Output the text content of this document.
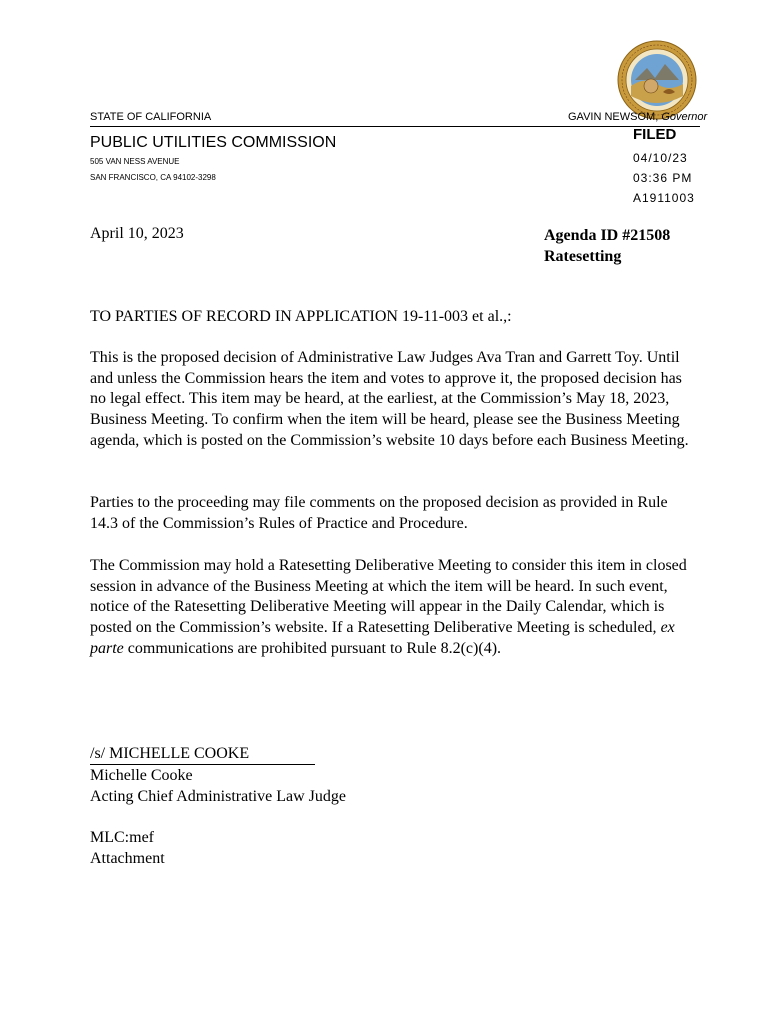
STATE OF CALIFORNIA	GAVIN NEWSOM, Governor
PUBLIC UTILITIES COMMISSION
505 VAN NESS AVENUE
SAN FRANCISCO, CA 94102-3298
FILED
04/10/23
03:36 PM
A1911003
April 10, 2023	Agenda ID #21508
Ratesetting

TO PARTIES OF RECORD IN APPLICATION 19-11-003 et al.,:

This is the proposed decision of Administrative Law Judges Ava Tran and Garrett Toy. Until and unless the Commission hears the item and votes to approve it, the proposed decision has no legal effect. This item may be heard, at the earliest, at the Commission’s May 18, 2023, Business Meeting. To confirm when the item will be heard, please see the Business Meeting agenda, which is posted on the Commission’s website 10 days before each Business Meeting.

Parties to the proceeding may file comments on the proposed decision as provided in Rule 14.3 of the Commission’s Rules of Practice and Procedure.

The Commission may hold a Ratesetting Deliberative Meeting to consider this item in closed session in advance of the Business Meeting at which the item will be heard. In such event, notice of the Ratesetting Deliberative Meeting will appear in the Daily Calendar, which is posted on the Commission’s website. If a Ratesetting Deliberative Meeting is scheduled, ex parte communications are prohibited pursuant to Rule 8.2(c)(4).

/s/ MICHELLE COOKE
Michelle Cooke
Acting Chief Administrative Law Judge
MLC:mef
Attachment
